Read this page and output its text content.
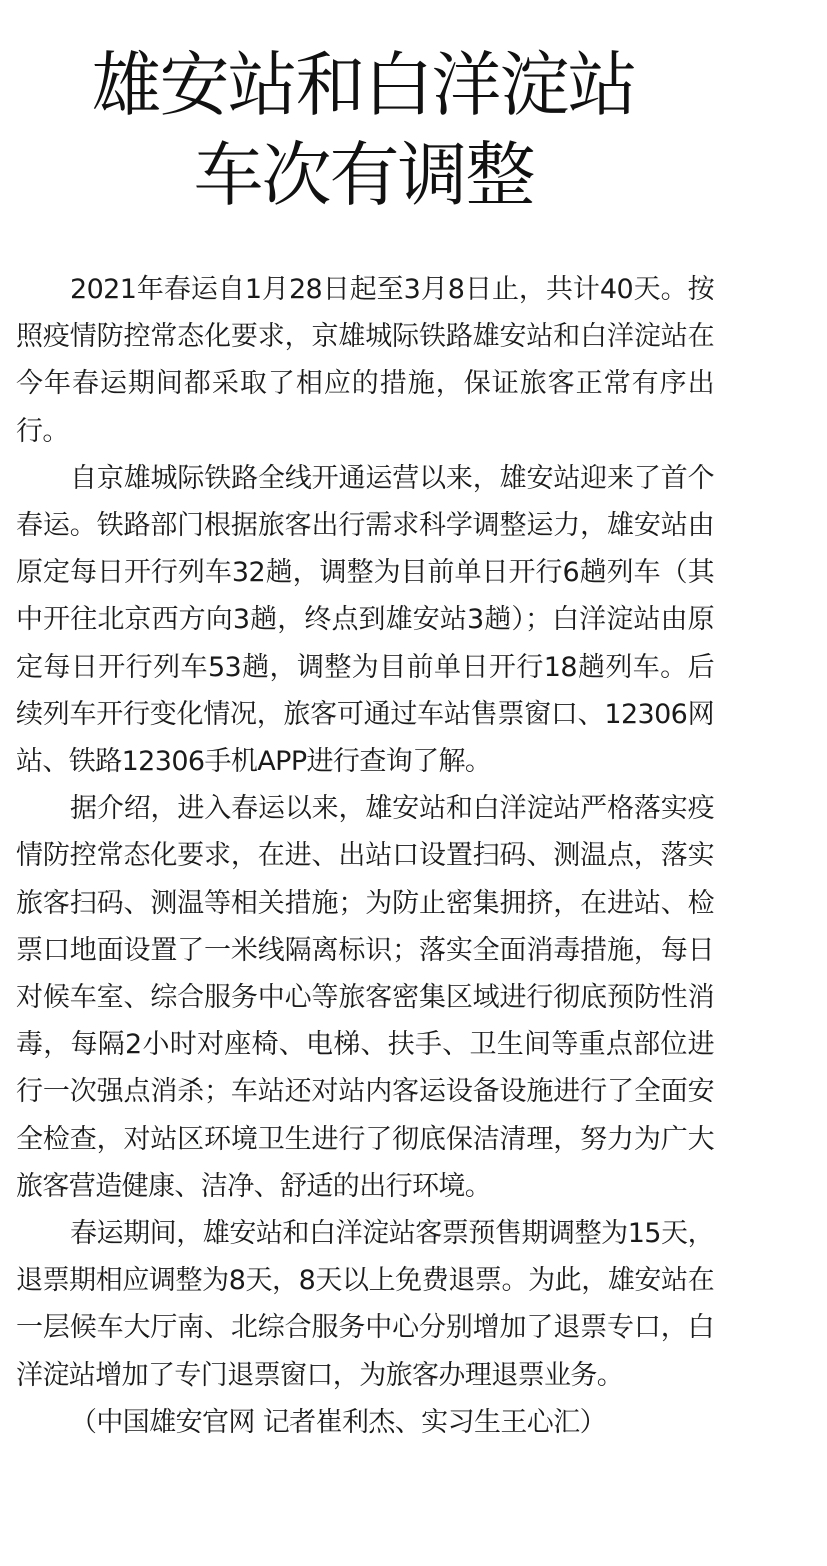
雄安站和白洋淀站
车次有调整

2021年春运自1月28日起至3月8日止，共计40天。按照疫情防控常态化要求，京雄城际铁路雄安站和白洋淀站在今年春运期间都采取了相应的措施，保证旅客正常有序出行。

自京雄城际铁路全线开通运营以来，雄安站迎来了首个春运。铁路部门根据旅客出行需求科学调整运力，雄安站由原定每日开行列车32趟，调整为目前单日开行6趟列车（其中开往北京西方向3趟，终点到雄安站3趟）；白洋淀站由原定每日开行列车53趟，调整为目前单日开行18趟列车。后续列车开行变化情况，旅客可通过车站售票窗口、12306网站、铁路12306手机APP进行查询了解。

据介绍，进入春运以来，雄安站和白洋淀站严格落实疫情防控常态化要求，在进、出站口设置扫码、测温点，落实旅客扫码、测温等相关措施；为防止密集拥挤，在进站、检票口地面设置了一米线隔离标识；落实全面消毒措施，每日对候车室、综合服务中心等旅客密集区域进行彻底预防性消毒，每隔2小时对座椅、电梯、扶手、卫生间等重点部位进行一次强点消杀；车站还对站内客运设备设施进行了全面安全检查，对站区环境卫生进行了彻底保洁清理，努力为广大旅客营造健康、洁净、舒适的出行环境。

春运期间，雄安站和白洋淀站客票预售期调整为15天，退票期相应调整为8天，8天以上免费退票。为此，雄安站在一层候车大厅南、北综合服务中心分别增加了退票专口，白洋淀站增加了专门退票窗口，为旅客办理退票业务。

（中国雄安官网 记者崔利杰、实习生王心汇）
